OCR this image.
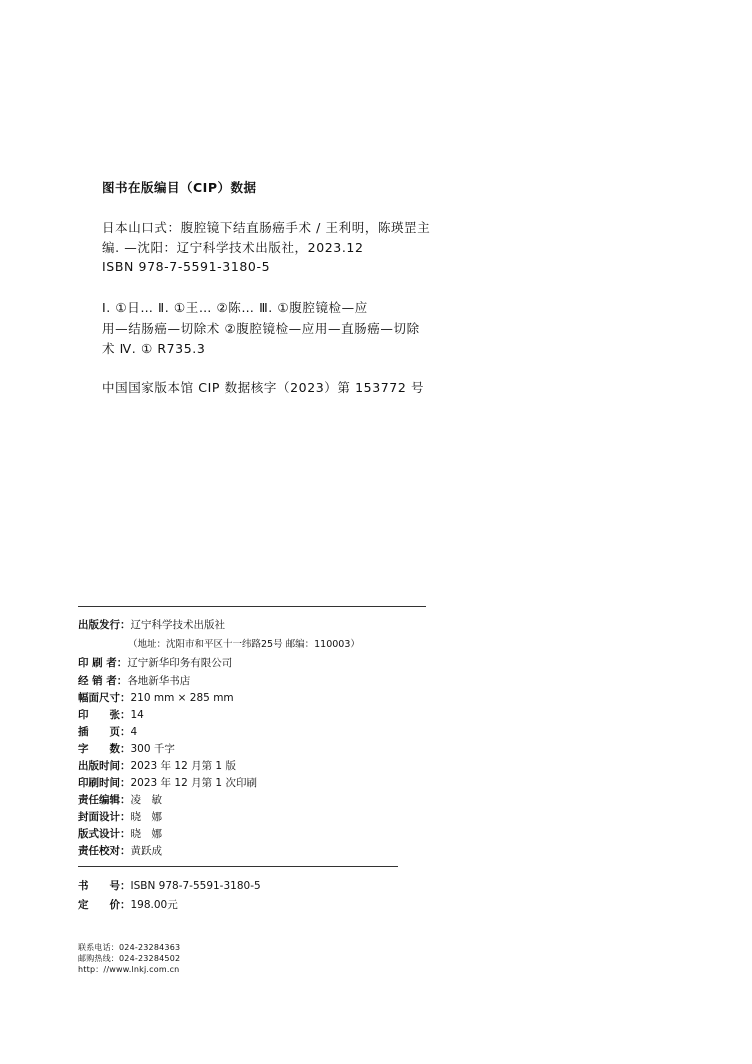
图书在版编目（CIP）数据
日本山口式：腹腔镜下结直肠癌手术 / 王利明，陈瑛罡主
编. —沈阳：辽宁科学技术出版社，2023.12
ISBN 978-7-5591-3180-5
Ⅰ. ①日… Ⅱ. ①王… ②陈… Ⅲ. ①腹腔镜检—应
用—结肠癌—切除术 ②腹腔镜检—应用—直肠癌—切除
术 Ⅳ. ① R735.3
中国国家版本馆 CIP 数据核字（2023）第 153772 号
出版发行：辽宁科学技术出版社
（地址：沈阳市和平区十一纬路25号 邮编：110003）
印 刷 者：辽宁新华印务有限公司
经 销 者：各地新华书店
幅面尺寸：210 mm × 285 mm
印　　张：14
插　　页：4
字　　数：300 千字
出版时间：2023 年 12 月第 1 版
印刷时间：2023 年 12 月第 1 次印刷
责任编辑：凌　敏
封面设计：晓　娜
版式设计：晓　娜
责任校对：黄跃成
书　　号：ISBN 978-7-5591-3180-5
定　　价：198.00元
联系电话：024-23284363
邮购热线：024-23284502
http：//www.lnkj.com.cn
